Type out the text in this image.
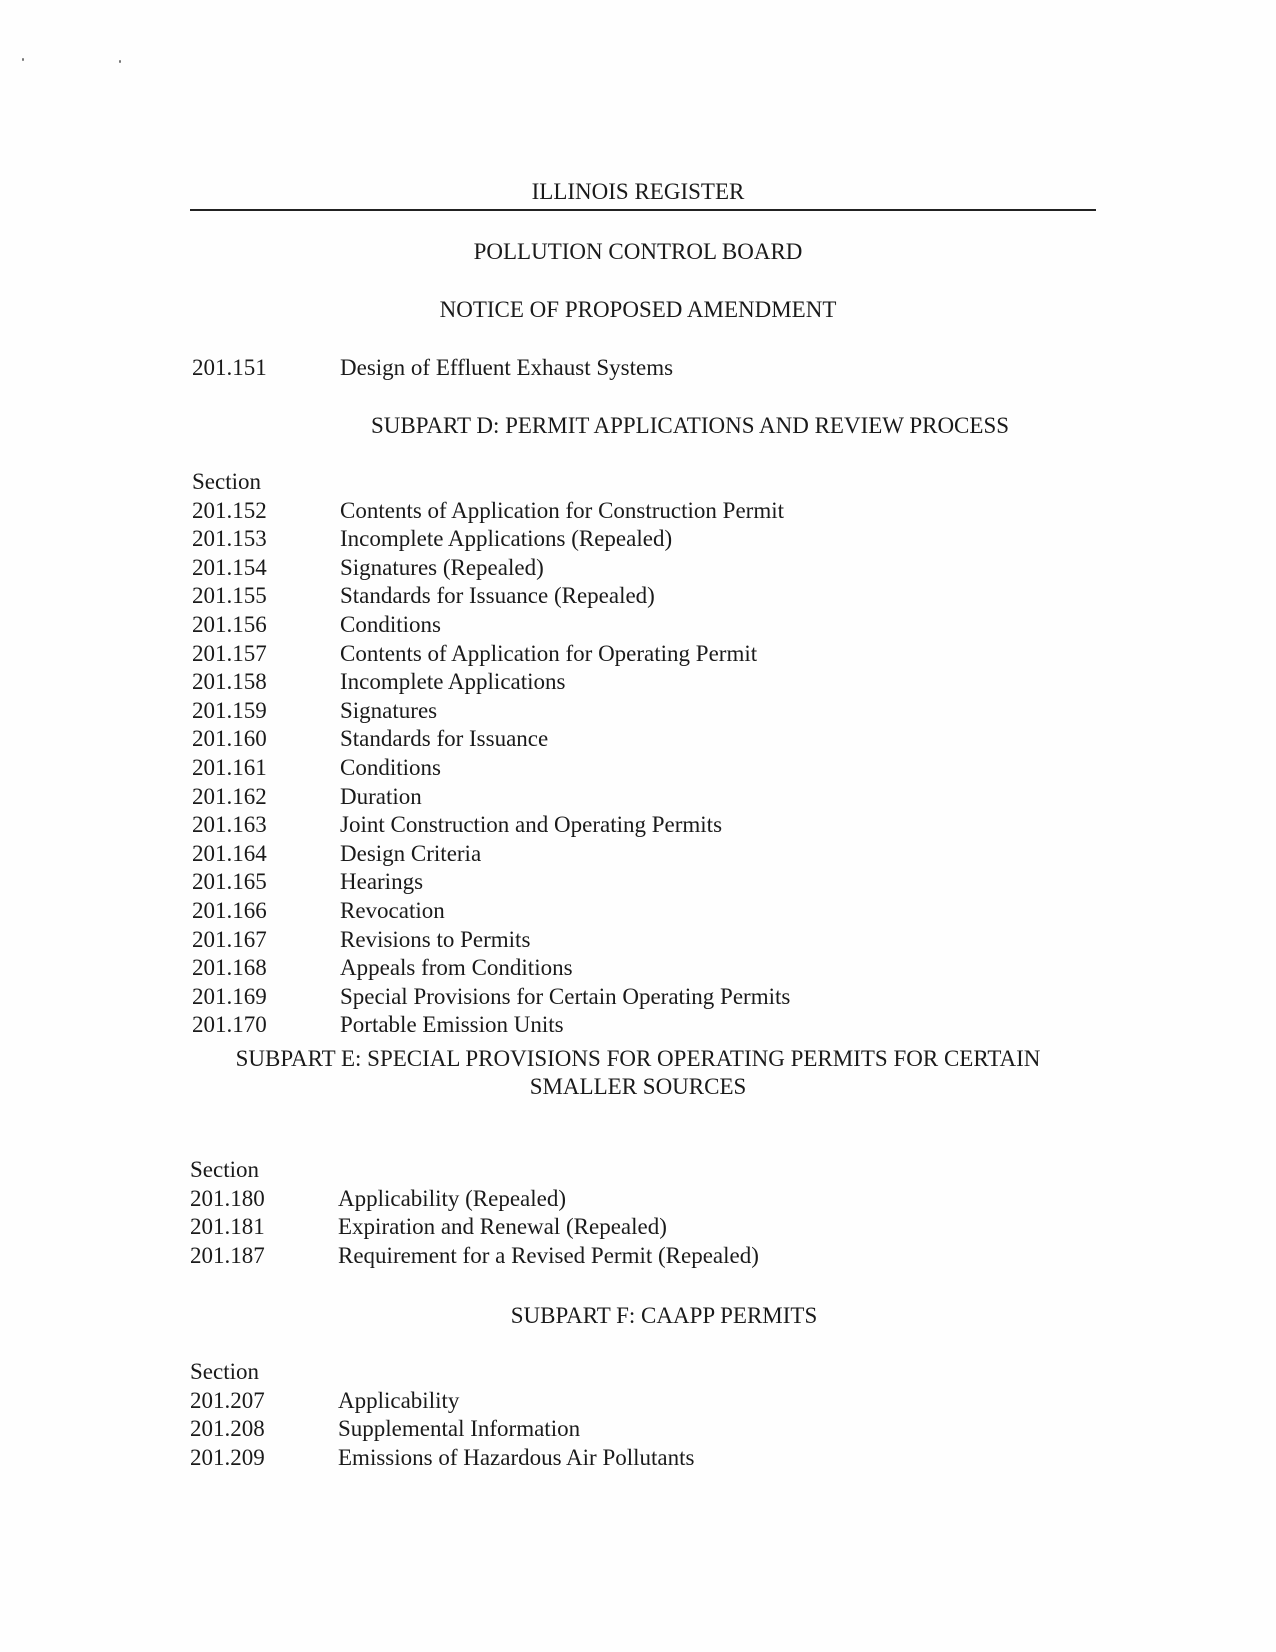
ILLINOIS REGISTER
POLLUTION CONTROL BOARD
NOTICE OF PROPOSED AMENDMENT
201.151	Design of Effluent Exhaust Systems
SUBPART D: PERMIT APPLICATIONS AND REVIEW PROCESS
Section
201.152	Contents of Application for Construction Permit
201.153	Incomplete Applications (Repealed)
201.154	Signatures (Repealed)
201.155	Standards for Issuance (Repealed)
201.156	Conditions
201.157	Contents of Application for Operating Permit
201.158	Incomplete Applications
201.159	Signatures
201.160	Standards for Issuance
201.161	Conditions
201.162	Duration
201.163	Joint Construction and Operating Permits
201.164	Design Criteria
201.165	Hearings
201.166	Revocation
201.167	Revisions to Permits
201.168	Appeals from Conditions
201.169	Special Provisions for Certain Operating Permits
201.170	Portable Emission Units
SUBPART E: SPECIAL PROVISIONS FOR OPERATING PERMITS FOR CERTAIN
SMALLER SOURCES
Section
201.180	Applicability (Repealed)
201.181	Expiration and Renewal (Repealed)
201.187	Requirement for a Revised Permit (Repealed)
SUBPART F: CAAPP PERMITS
Section
201.207	Applicability
201.208	Supplemental Information
201.209	Emissions of Hazardous Air Pollutants
